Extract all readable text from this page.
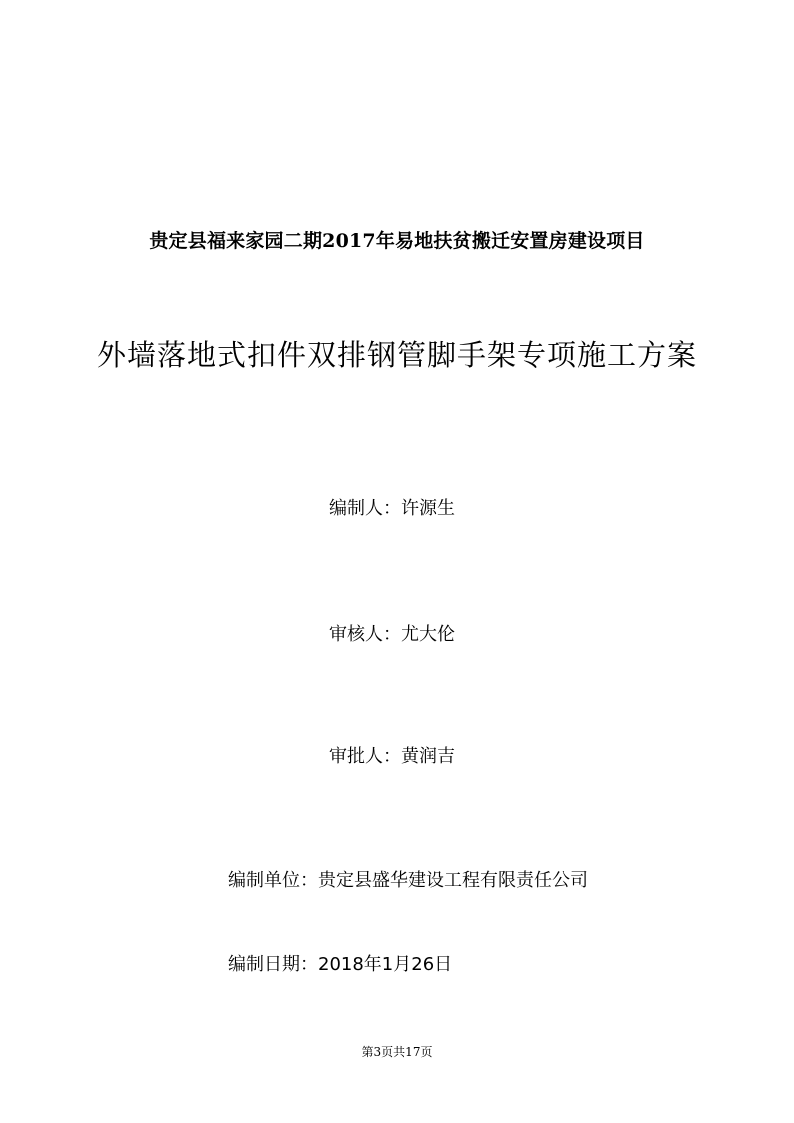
贵定县福来家园二期2017年易地扶贫搬迁安置房建设项目
外墙落地式扣件双排钢管脚手架专项施工方案
编制人： 许源生
审核人： 尤大伦
审批人： 黄润吉
编制单位： 贵定县盛华建设工程有限责任公司
编制日期： 2018年1月26日
第3页共17页
